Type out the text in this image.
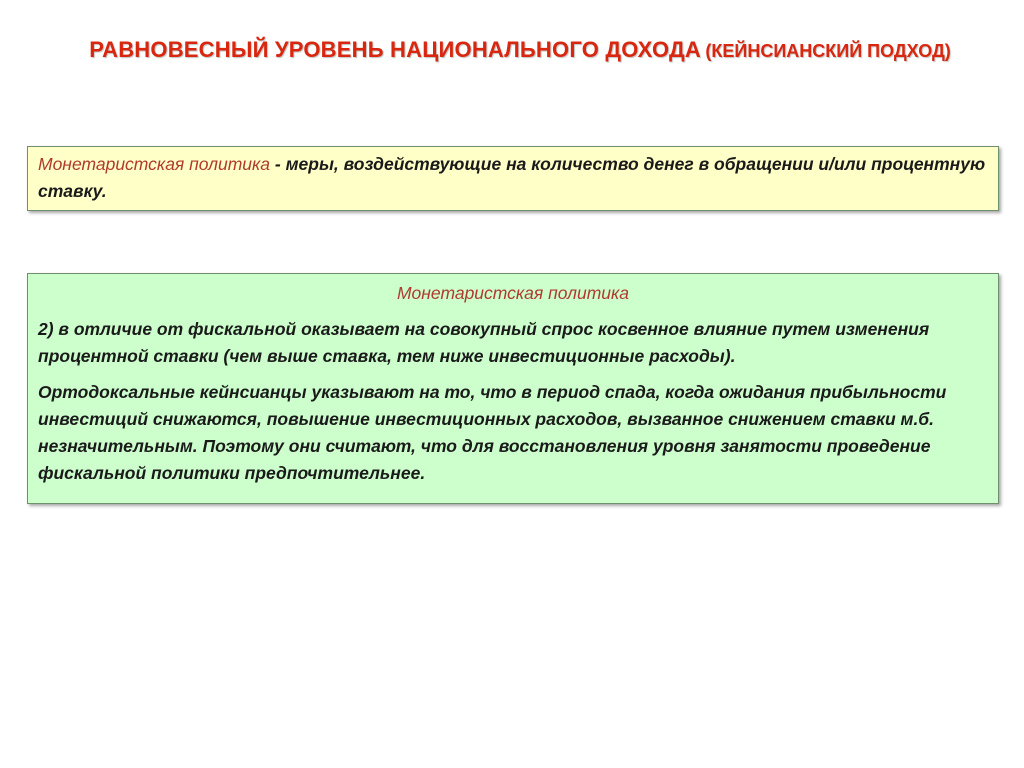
РАВНОВЕСНЫЙ УРОВЕНЬ НАЦИОНАЛЬНОГО ДОХОДА (КЕЙНСИАНСКИЙ ПОДХОД)
Монетаристская политика - меры, воздействующие на количество денег в обращении и/или процентную ставку.

Монетаристская политика

2) в отличие от фискальной оказывает на совокупный спрос косвенное влияние путем изменения процентной ставки (чем выше ставка, тем ниже инвестиционные расходы).

Ортодоксальные кейнсианцы указывают на то, что в период спада, когда ожидания прибыльности инвестиций снижаются, повышение инвестиционных расходов, вызванное снижением ставки м.б. незначительным. Поэтому они считают, что для восстановления уровня занятости проведение фискальной политики предпочтительнее.
